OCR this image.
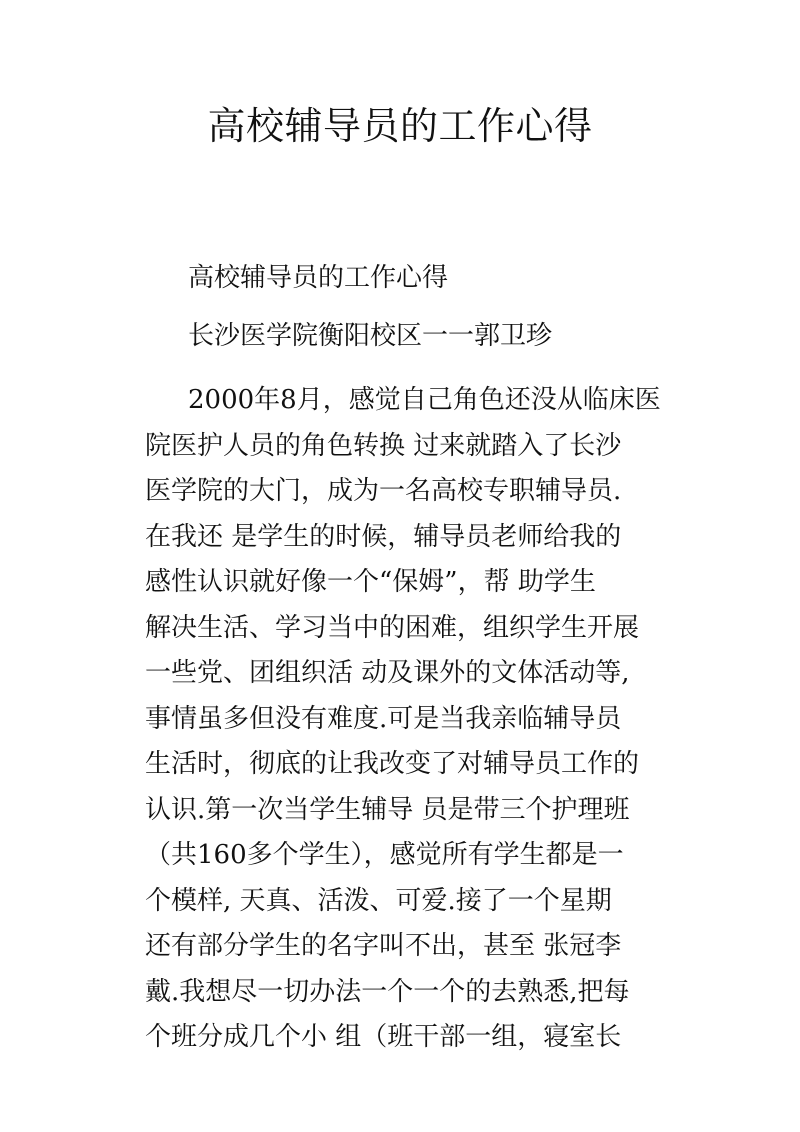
高校辅导员的工作心得
高校辅导员的工作心得
长沙医学院衡阳校区一一郭卫珍
2000年8月，感觉自己角色还没从临床医
院医护人员的角色转换 过来就踏入了长沙
医学院的大门，成为一名高校专职辅导员.
在我还 是学生的时候，辅导员老师给我的
感性认识就好像一个“保姆”，帮 助学生
解决生活、学习当中的困难，组织学生开展
一些党、团组织活 动及课外的文体活动等,
事情虽多但没有难度.可是当我亲临辅导员
生活时，彻底的让我改变了对辅导员工作的
认识.第一次当学生辅导 员是带三个护理班
（共160多个学生），感觉所有学生都是一
个模样, 天真、活泼、可爱.接了一个星期
还有部分学生的名字叫不出，甚至 张冠李
戴.我想尽一切办法一个一个的去熟悉,把每
个班分成几个小 组（班干部一组，寝室长
